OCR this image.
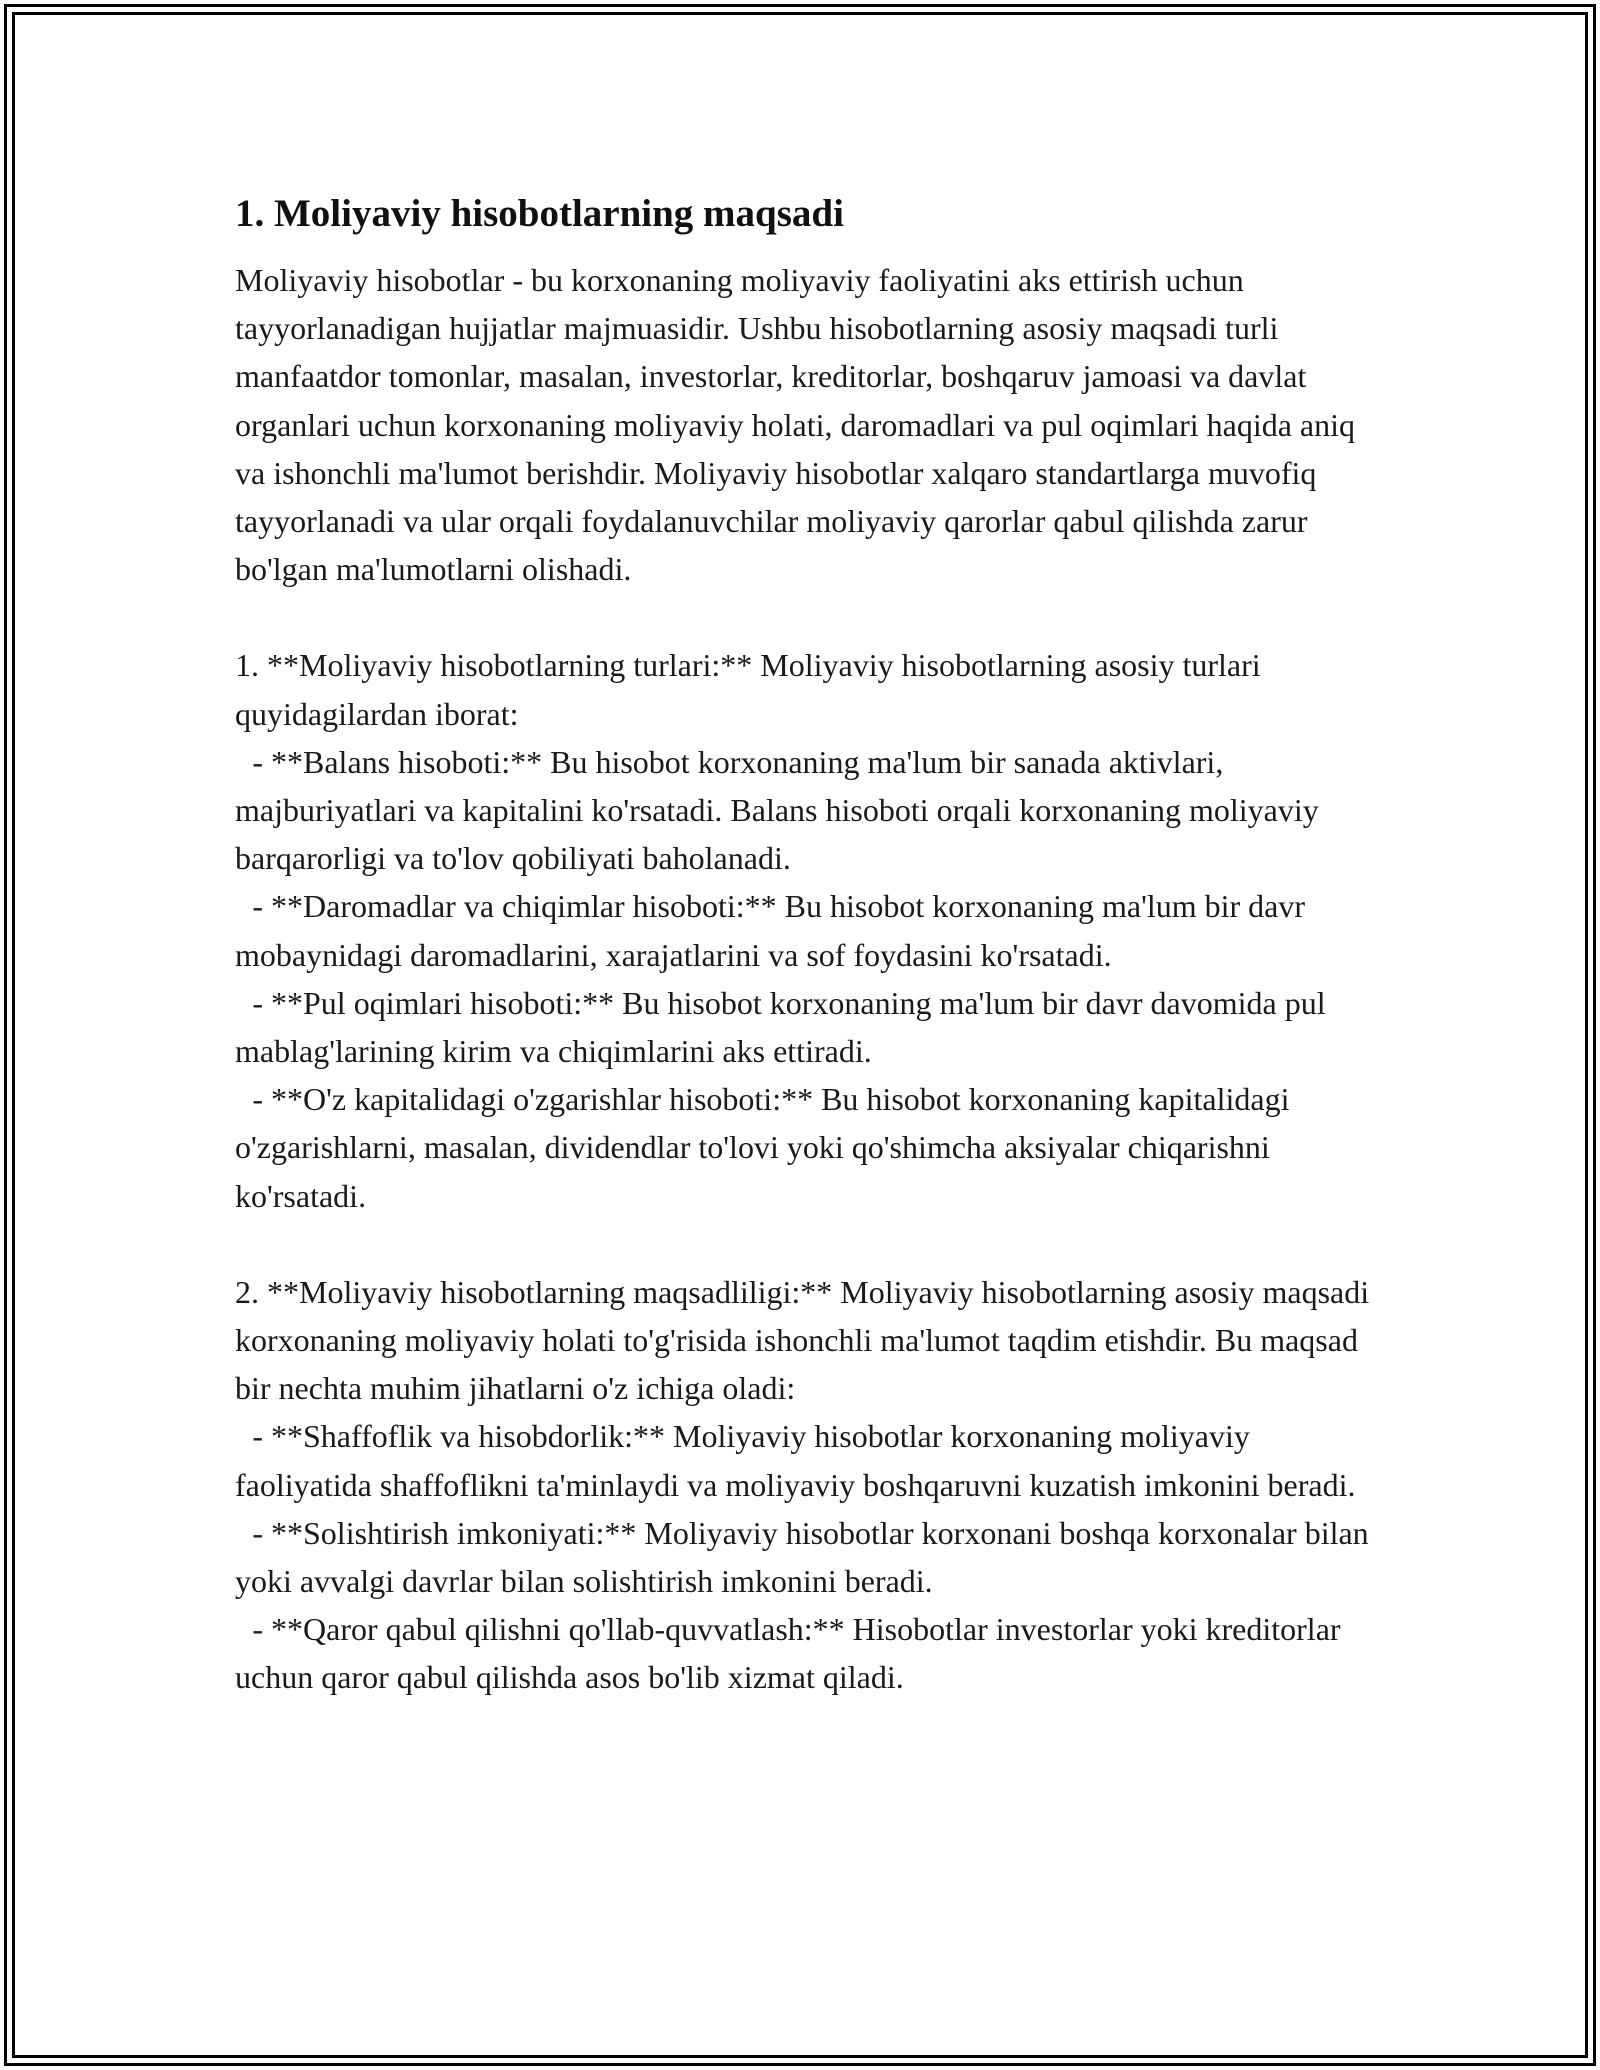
1. Moliyaviy hisobotlarning maqsadi

Moliyaviy hisobotlar - bu korxonaning moliyaviy faoliyatini aks ettirish uchun tayyorlanadigan hujjatlar majmuasidir. Ushbu hisobotlarning asosiy maqsadi turli manfaatdor tomonlar, masalan, investorlar, kreditorlar, boshqaruv jamoasi va davlat organlari uchun korxonaning moliyaviy holati, daromadlari va pul oqimlari haqida aniq va ishonchli ma'lumot berishdir. Moliyaviy hisobotlar xalqaro standartlarga muvofiq tayyorlanadi va ular orqali foydalanuvchilar moliyaviy qarorlar qabul qilishda zarur bo'lgan ma'lumotlarni olishadi.

1. **Moliyaviy hisobotlarning turlari:** Moliyaviy hisobotlarning asosiy turlari quyidagilardan iborat:

- **Balans hisoboti:** Bu hisobot korxonaning ma'lum bir sanada aktivlari, majburiyatlari va kapitalini ko'rsatadi. Balans hisoboti orqali korxonaning moliyaviy barqarorligi va to'lov qobiliyati baholanadi.

- **Daromadlar va chiqimlar hisoboti:** Bu hisobot korxonaning ma'lum bir davr mobaynidagi daromadlarini, xarajatlarini va sof foydasini ko'rsatadi.

- **Pul oqimlari hisoboti:** Bu hisobot korxonaning ma'lum bir davr davomida pul mablag'larining kirim va chiqimlarini aks ettiradi.

- **O'z kapitalidagi o'zgarishlar hisoboti:** Bu hisobot korxonaning kapitalidagi o'zgarishlarni, masalan, dividendlar to'lovi yoki qo'shimcha aksiyalar chiqarishni ko'rsatadi.

2. **Moliyaviy hisobotlarning maqsadliligi:** Moliyaviy hisobotlarning asosiy maqsadi korxonaning moliyaviy holati to'g'risida ishonchli ma'lumot taqdim etishdir. Bu maqsad bir nechta muhim jihatlarni o'z ichiga oladi:

- **Shaffoflik va hisobdorlik:** Moliyaviy hisobotlar korxonaning moliyaviy faoliyatida shaffoflikni ta'minlaydi va moliyaviy boshqaruvni kuzatish imkonini beradi.

- **Solishtirish imkoniyati:** Moliyaviy hisobotlar korxonani boshqa korxonalar bilan yoki avvalgi davrlar bilan solishtirish imkonini beradi.

- **Qaror qabul qilishni qo'llab-quvvatlash:** Hisobotlar investorlar yoki kreditorlar uchun qaror qabul qilishda asos bo'lib xizmat qiladi.
